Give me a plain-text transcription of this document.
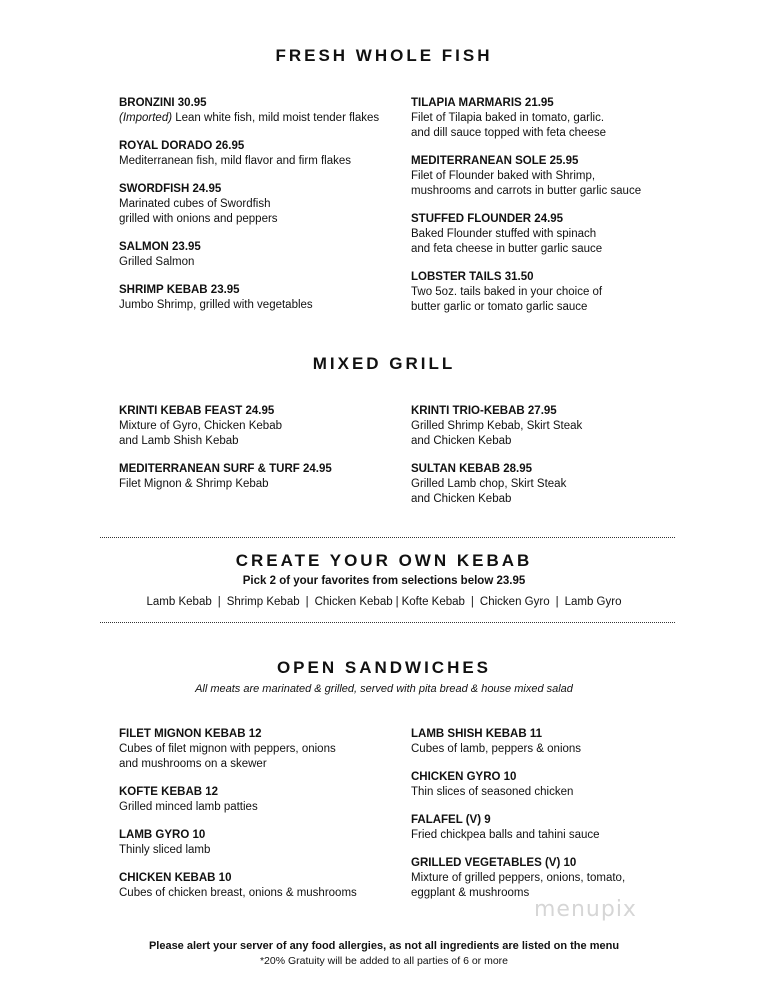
FRESH WHOLE FISH
BRONZINI 30.95
(Imported) Lean white fish, mild moist tender flakes
ROYAL DORADO 26.95
Mediterranean fish, mild flavor and firm flakes
SWORDFISH 24.95
Marinated cubes of Swordfish
grilled with onions and peppers
SALMON 23.95
Grilled Salmon
SHRIMP KEBAB 23.95
Jumbo Shrimp, grilled with vegetables
TILAPIA MARMARIS 21.95
Filet of Tilapia baked in tomato, garlic.
and dill sauce topped with feta cheese
MEDITERRANEAN SOLE 25.95
Filet of Flounder baked with Shrimp,
mushrooms and carrots in butter garlic sauce
STUFFED FLOUNDER 24.95
Baked Flounder stuffed with spinach
and feta cheese in butter garlic sauce
LOBSTER TAILS 31.50
Two 5oz. tails baked in your choice of
butter garlic or tomato garlic sauce
MIXED GRILL
KRINTI KEBAB FEAST 24.95
Mixture of Gyro, Chicken Kebab
and Lamb Shish Kebab
MEDITERRANEAN SURF & TURF 24.95
Filet Mignon & Shrimp Kebab
KRINTI TRIO-KEBAB 27.95
Grilled Shrimp Kebab, Skirt Steak
and Chicken Kebab
SULTAN KEBAB 28.95
Grilled Lamb chop, Skirt Steak
and Chicken Kebab
CREATE YOUR OWN KEBAB
Pick 2 of your favorites from selections below 23.95
Lamb Kebab | Shrimp Kebab | Chicken Kebab | Kofte Kebab | Chicken Gyro | Lamb Gyro
OPEN SANDWICHES
All meats are marinated & grilled, served with pita bread & house mixed salad
FILET MIGNON KEBAB 12
Cubes of filet mignon with peppers, onions
and mushrooms on a skewer
KOFTE KEBAB 12
Grilled minced lamb patties
LAMB GYRO 10
Thinly sliced lamb
CHICKEN KEBAB 10
Cubes of chicken breast, onions & mushrooms
LAMB SHISH KEBAB 11
Cubes of lamb, peppers & onions
CHICKEN GYRO 10
Thin slices of seasoned chicken
FALAFEL (V) 9
Fried chickpea balls and tahini sauce
GRILLED VEGETABLES (V) 10
Mixture of grilled peppers, onions, tomato,
eggplant & mushrooms
menupix
Please alert your server of any food allergies, as not all ingredients are listed on the menu
*20% Gratuity will be added to all parties of 6 or more
